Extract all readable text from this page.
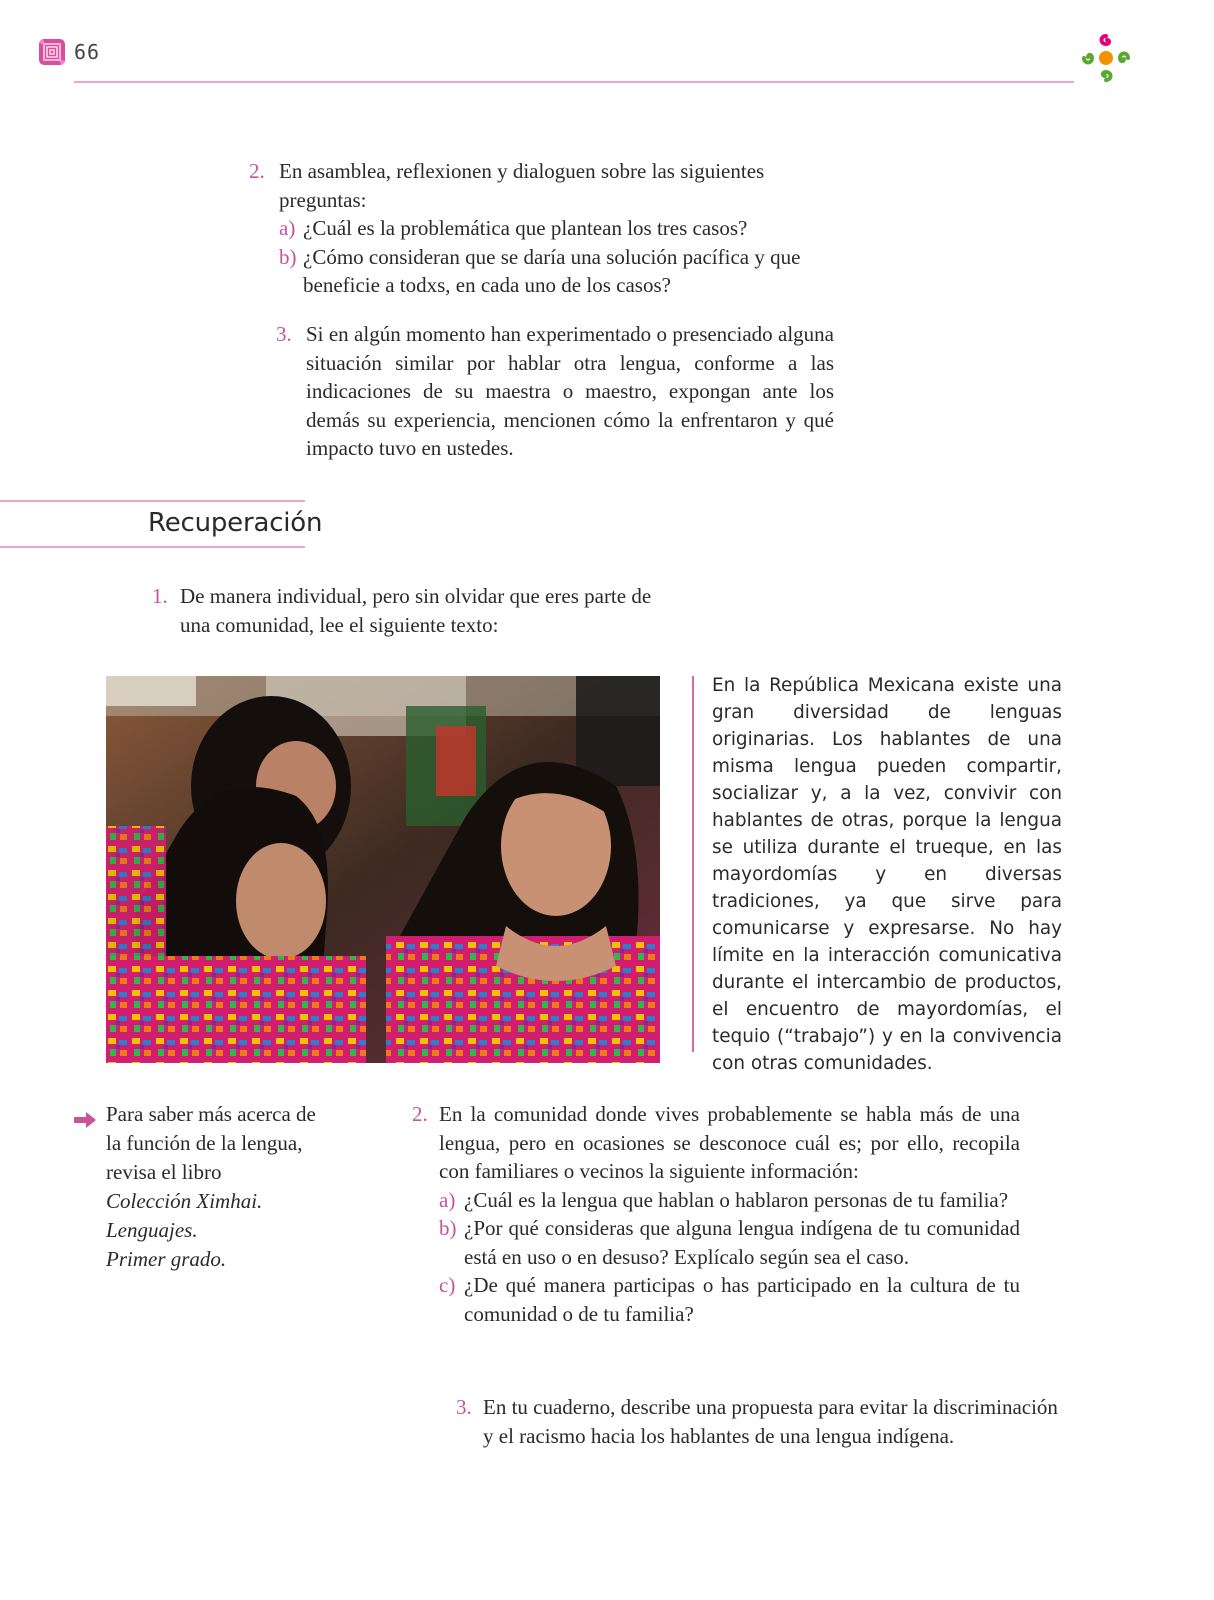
66
2. En asamblea, reflexionen y dialoguen sobre las siguientes preguntas:
a) ¿Cuál es la problemática que plantean los tres casos?
b) ¿Cómo consideran que se daría una solución pacífica y que beneficie a todxs, en cada uno de los casos?
3. Si en algún momento han experimentado o presenciado alguna situación similar por hablar otra lengua, conforme a las indicaciones de su maestra o maestro, expongan ante los demás su experiencia, mencionen cómo la enfrentaron y qué impacto tuvo en ustedes.
Recuperación
1. De manera individual, pero sin olvidar que eres parte de una comunidad, lee el siguiente texto:
En la República Mexicana existe una gran diversidad de lenguas originarias. Los hablantes de una misma lengua pueden compartir, socializar y, a la vez, convivir con hablantes de otras, porque la lengua se utiliza durante el trueque, en las mayordomías y en diversas tradiciones, ya que sirve para comunicarse y expresarse. No hay límite en la interacción comunicativa durante el intercambio de productos, el encuentro de mayordomías, el tequio (“trabajo”) y en la convivencia con otras comunidades.
Para saber más acerca de la función de la lengua, revisa el libro
Colección Ximhai.
Lenguajes.
Primer grado.
2. En la comunidad donde vives probablemente se habla más de una lengua, pero en ocasiones se desconoce cuál es; por ello, recopila con familiares o vecinos la siguiente información:
a) ¿Cuál es la lengua que hablan o hablaron personas de tu familia?
b) ¿Por qué consideras que alguna lengua indígena de tu comunidad está en uso o en desuso? Explícalo según sea el caso.
c) ¿De qué manera participas o has participado en la cultura de tu comunidad o de tu familia?
3. En tu cuaderno, describe una propuesta para evitar la discriminación y el racismo hacia los hablantes de una lengua indígena.
